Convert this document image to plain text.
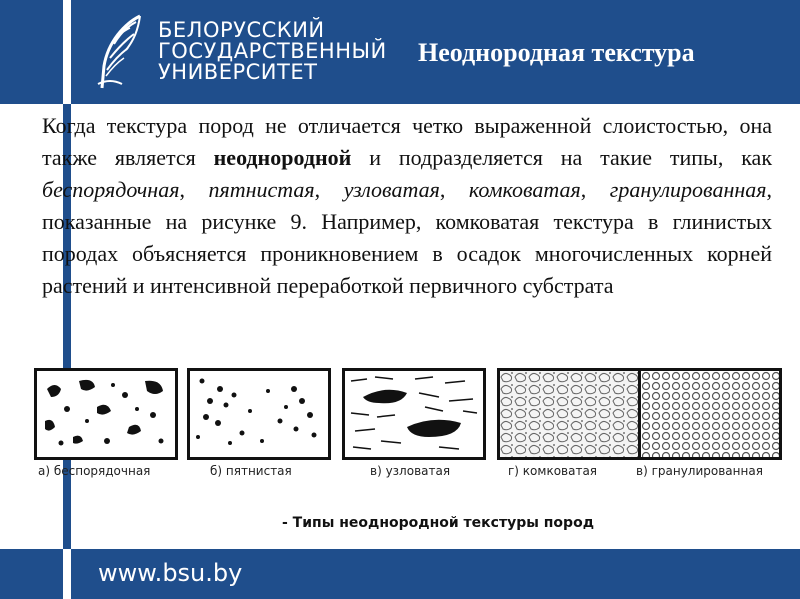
БЕЛОРУССКИЙ
ГОСУДАРСТВЕННЫЙ
УНИВЕРСИТЕТ
Неоднородная текстура
Когда текстура пород не отличается четко выраженной слоистостью, она также является неоднородной и подразделяется на такие типы, как беспорядочная, пятнистая, узловатая, комковатая, гранулированная, показанные на рисунке 9. Например, комковатая текстура в глинистых породах объясняется проникновением в осадок многочисленных корней растений и интенсивной переработкой первичного субстрата
а) беспорядочная	б) пятнистая	в) узловатая	г) комковатая	в) гранулированная
- Типы неоднородной текстуры пород
www.bsu.by
